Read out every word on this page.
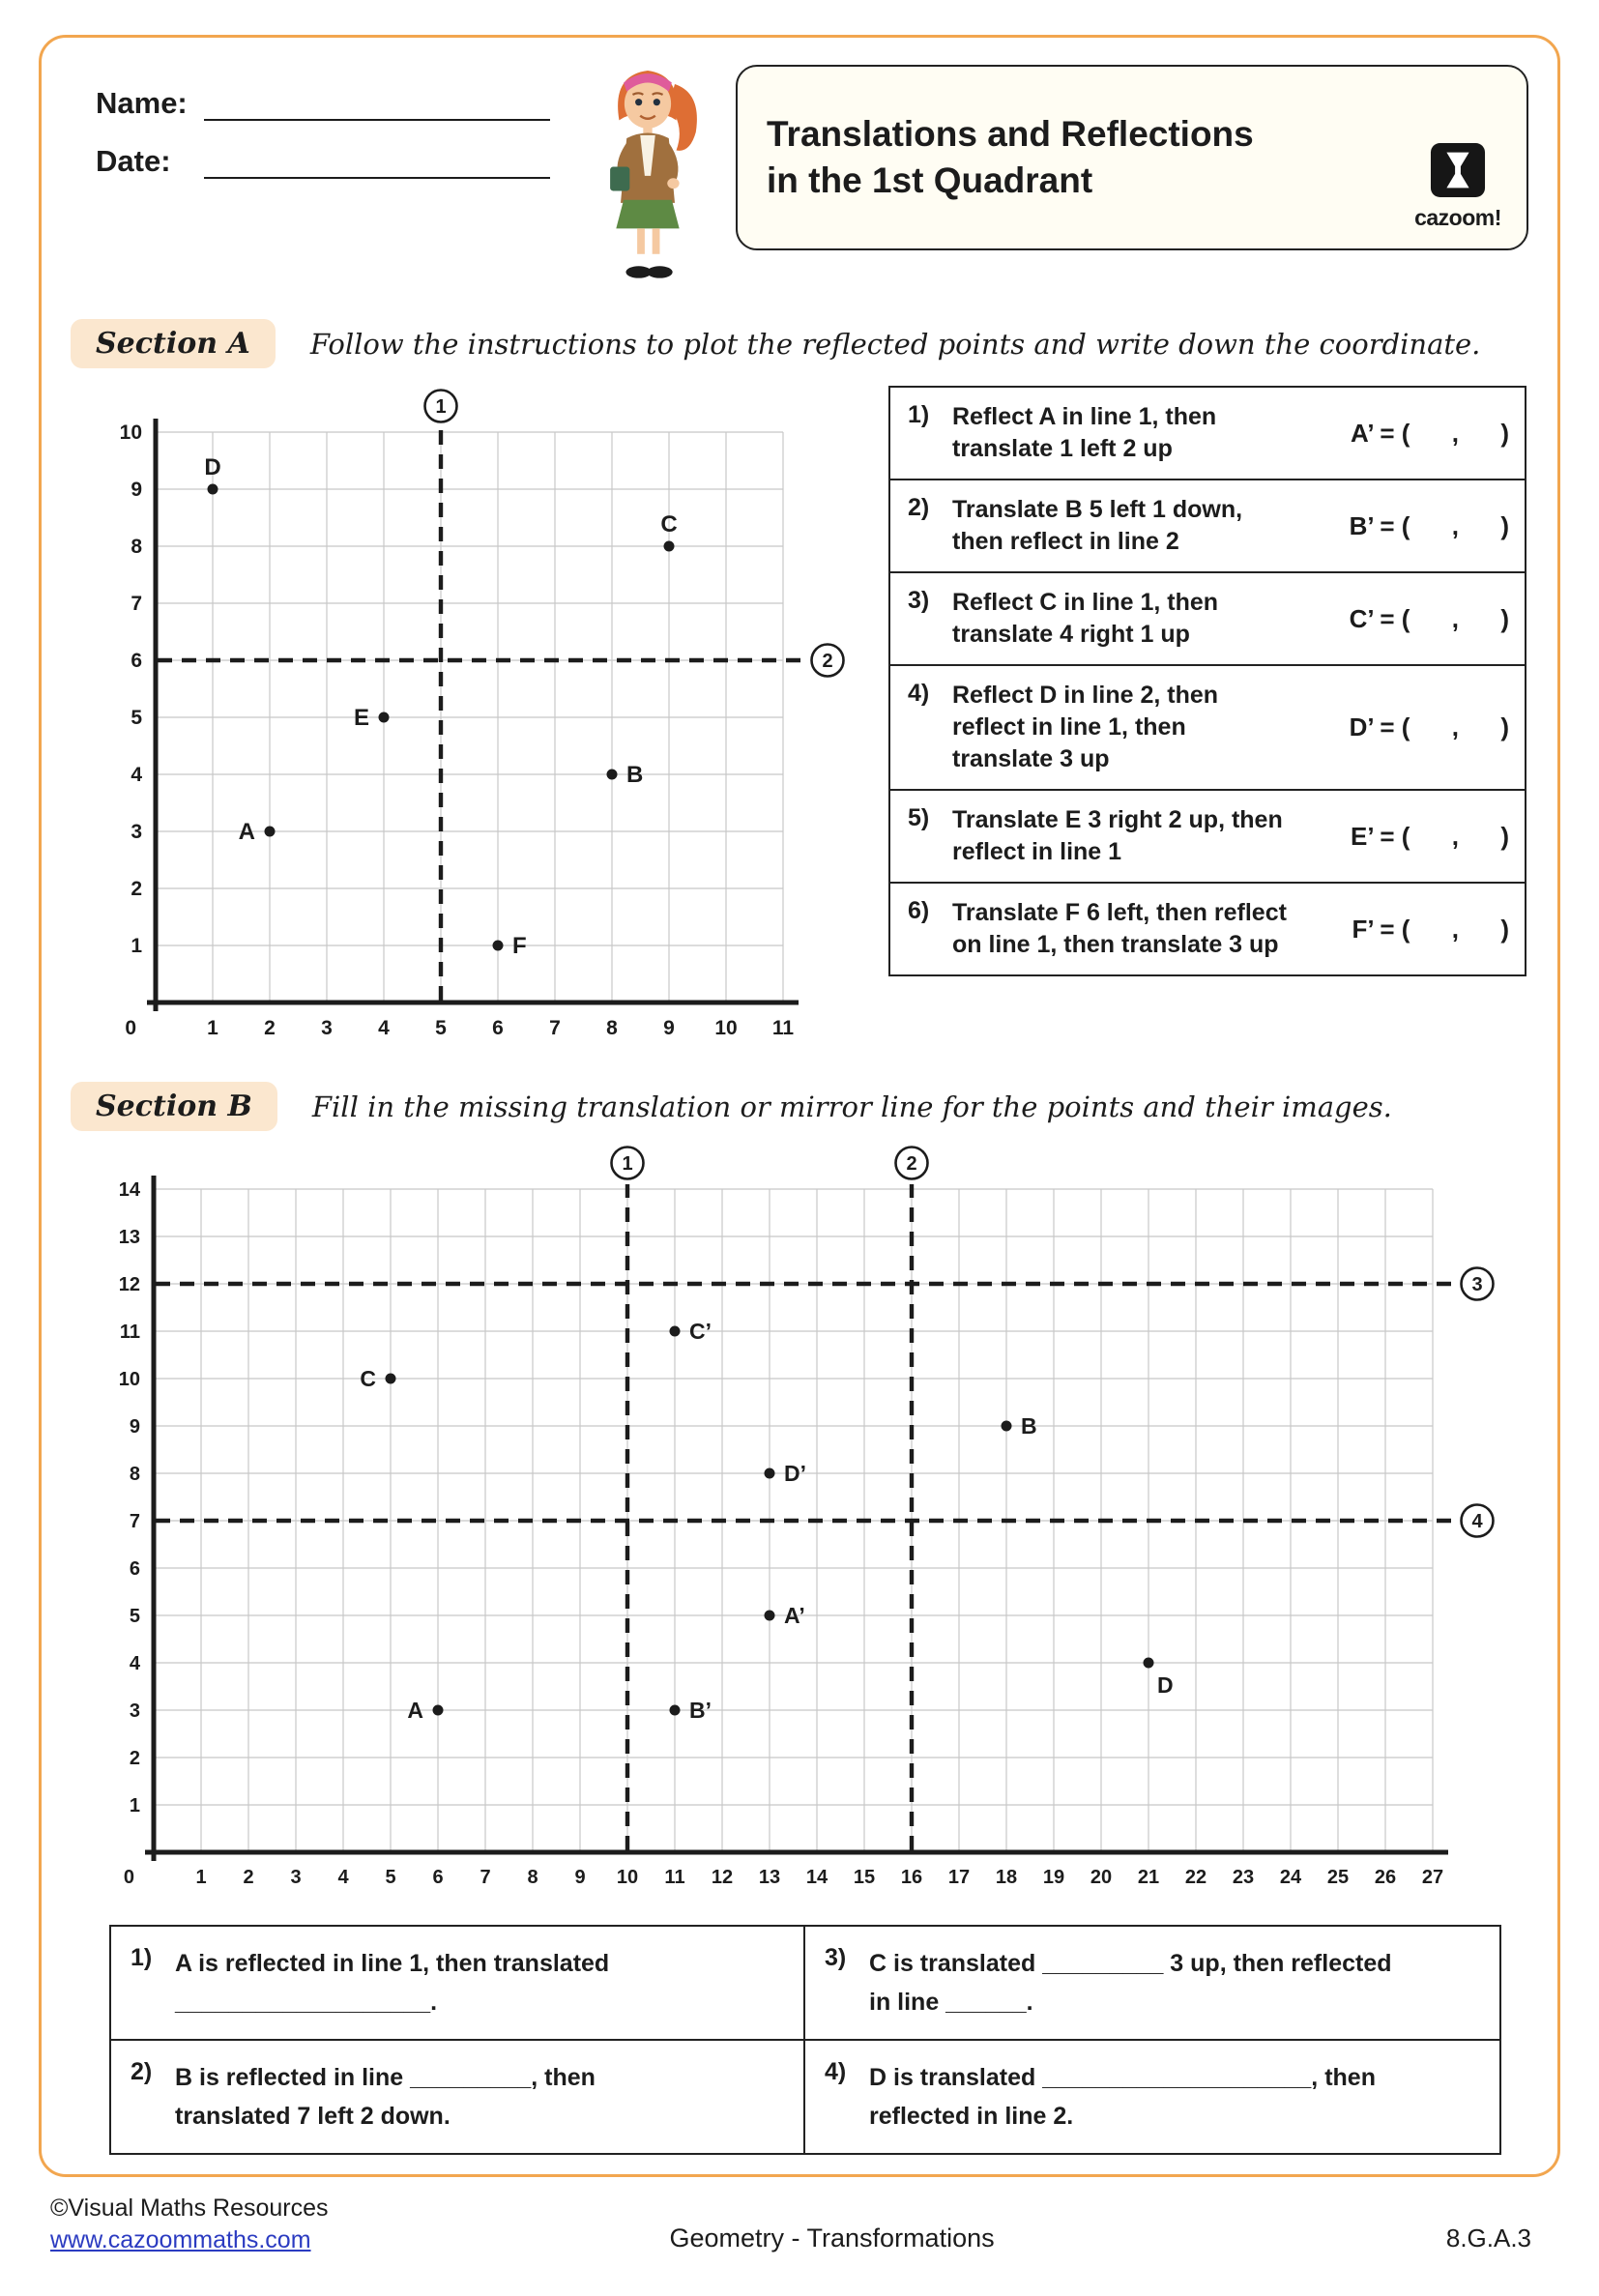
Name:
Date:
Translations and Reflections
in the 1st Quadrant
cazoom!
Section A	Follow the instructions to plot the reflected points and write down the coordinate.
1 2 3 4 5 6 7 8 9 10 11
1
2
3
4
5
6
7
8
9
10
0
1
2
A
B
C
D
E
F
1) Reflect A in line 1, then translate 1 left 2 up
A’ = (      ,      )
2) Translate B 5 left 1 down, then reflect in line 2
B’ = (      ,      )
3) Reflect C in line 1, then translate 4 right 1 up
C’ = (      ,      )
4) Reflect D in line 2, then reflect in line 1, then translate 3 up
D’ = (      ,      )
5) Translate E 3 right 2 up, then reflect in line 1
E’ = (      ,      )
6) Translate F 6 left, then reflect on line 1, then translate 3 up
F’ = (      ,      )
Section B	Fill in the missing translation or mirror line for the points and their images.
1 2 3 4 5 6 7 8 9 10 11 12 13 14 15 16 17 18 19 20 21 22 23 24 25 26 27
1
2
3
4
5
6
7
8
9
10
11
12
13
14
0
1	2
3
4
A
A’
B
B’
C
C’
D
D’
1) A is reflected in line 1, then translated
___________________.
3) C is translated _________ 3 up, then reflected
in line ______.
2) B is reflected in line _________, then
translated 7 left 2 down.
4) D is translated ____________________, then
reflected in line 2.
©Visual Maths Resources
www.cazoommaths.com	Geometry - Transformations	8.G.A.3
